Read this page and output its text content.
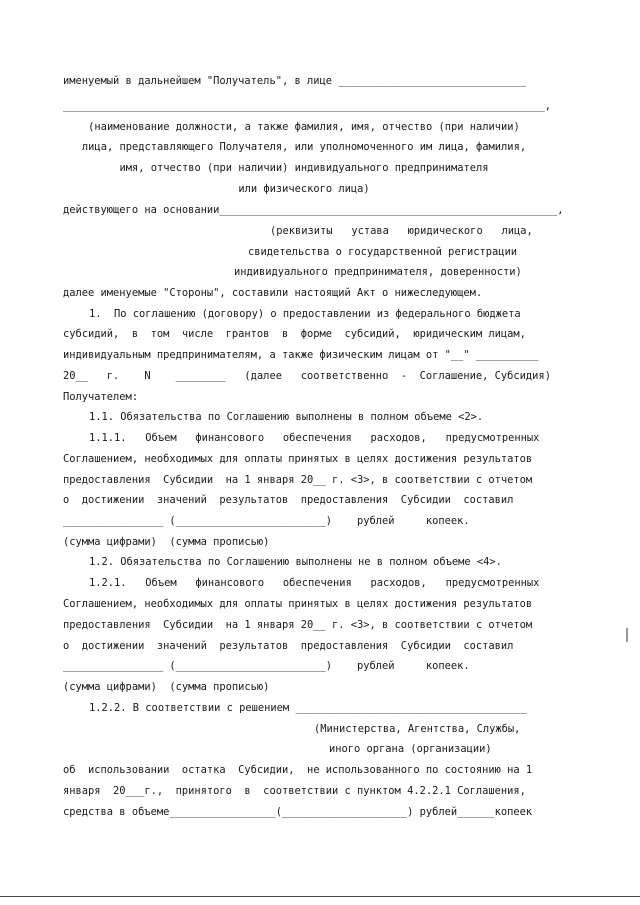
именуемый в дальнейшем "Получатель", в лице ______________________________
_____________________________________________________________________________,
(наименование должности, а также фамилия, имя, отчество (при наличии)
лица, представляющего Получателя, или уполномоченного им лица, фамилия,
имя, отчество (при наличии) индивидуального предпринимателя
или физического лица)
действующего на основании______________________________________________________,
(реквизиты   устава   юридического   лица,
свидетельства о государственной регистрации
индивидуального предпринимателя, доверенности)
далее именуемые "Стороны", составили настоящий Акт о нижеследующем.
1.  По соглашению (договору) о предоставлении из федерального бюджета
субсидий,  в  том  числе  грантов  в  форме  субсидий,  юридическим лицам,
индивидуальным предпринимателям, а также физическим лицам от "__" __________
20__   г.    N    ________   (далее   соответственно  -  Соглашение, Субсидия)
Получателем:
1.1. Обязательства по Соглашению выполнены в полном объеме <2>.
1.1.1.   Объем   финансового   обеспечения   расходов,   предусмотренных
Соглашением, необходимых для оплаты принятых в целях достижения результатов
предоставления  Субсидии  на 1 января 20__ г. <3>, в соответствии с отчетом
о  достижении  значений  результатов  предоставления  Субсидии  составил
________________ (________________________)    рублей     копеек.
(сумма цифрами)  (сумма прописью)
1.2. Обязательства по Соглашению выполнены не в полном объеме <4>.
1.2.1.   Объем   финансового   обеспечения   расходов,   предусмотренных
Соглашением, необходимых для оплаты принятых в целях достижения результатов
предоставления  Субсидии  на 1 января 20__ г. <3>, в соответствии с отчетом
о  достижении  значений  результатов  предоставления  Субсидии  составил
________________ (________________________)    рублей     копеек.
(сумма цифрами)  (сумма прописью)
1.2.2. В соответствии с решением _____________________________________
(Министерства, Агентства, Службы,
иного органа (организации)
об  использовании  остатка  Субсидии,  не использованного по состоянию на 1
января  20___г.,  принятого  в  соответствии с пунктом 4.2.2.1 Соглашения,
средства в объеме_________________(____________________) рублей______копеек
